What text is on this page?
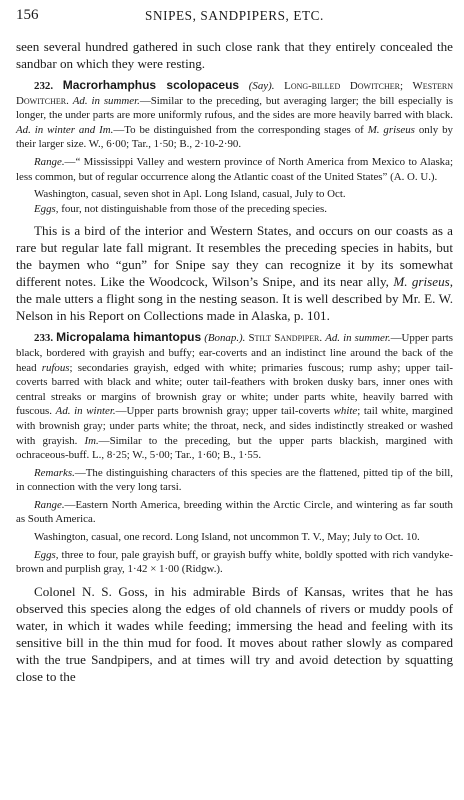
156	SNIPES, SANDPIPERS, ETC.

seen several hundred gathered in such close rank that they entirely concealed the sandbar on which they were resting.

232. Macrorhamphus scolopaceus (Say). Long-billed Dowitcher; Western Dowitcher. Ad. in summer.—Similar to the preceding, but averaging larger; the bill especially is longer, the under parts are more uniformly rufous, and the sides are more heavily barred with black. Ad. in winter and Im.—To be distinguished from the corresponding stages of M. griseus only by their larger size. W., 6·00; Tar., 1·50; B., 2·10-2·90.

Range.—“ Mississippi Valley and western province of North America from Mexico to Alaska; less common, but of regular occurrence along the Atlantic coast of the United States” (A. O. U.).

Washington, casual, seven shot in Apl. Long Island, casual, July to Oct.

Eggs, four, not distinguishable from those of the preceding species.

This is a bird of the interior and Western States, and occurs on our coasts as a rare but regular late fall migrant. It resembles the preceding species in habits, but the baymen who “gun” for Snipe say they can recognize it by its somewhat different notes. Like the Woodcock, Wilson’s Snipe, and its near ally, M. griseus, the male utters a flight song in the nesting season. It is well described by Mr. E. W. Nelson in his Report on Collections made in Alaska, p. 101.

233. Micropalama himantopus (Bonap.). Stilt Sandpiper. Ad. in summer.—Upper parts black, bordered with grayish and buffy; ear-coverts and an indistinct line around the back of the head rufous; secondaries grayish, edged with white; primaries fuscous; rump ashy; upper tail-coverts barred with black and white; outer tail-feathers with broken dusky bars, inner ones with central streaks or margins of brownish gray or white; under parts white, heavily barred with fuscous. Ad. in winter.—Upper parts brownish gray; upper tail-coverts white; tail white, margined with brownish gray; under parts white; the throat, neck, and sides indistinctly streaked or washed with grayish. Im.—Similar to the preceding, but the upper parts blackish, margined with ochraceous-buff. L., 8·25; W., 5·00; Tar., 1·60; B., 1·55.

Remarks.—The distinguishing characters of this species are the flattened, pitted tip of the bill, in connection with the very long tarsi.

Range.—Eastern North America, breeding within the Arctic Circle, and wintering as far south as South America.

Washington, casual, one record. Long Island, not uncommon T. V., May; July to Oct. 10.

Eggs, three to four, pale grayish buff, or grayish buffy white, boldly spotted with rich vandyke-brown and purplish gray, 1·42 × 1·00 (Ridgw.).

Colonel N. S. Goss, in his admirable Birds of Kansas, writes that he has observed this species along the edges of old channels of rivers or muddy pools of water, in which it wades while feeding; immersing the head and feeling with its sensitive bill in the thin mud for food. It moves about rather slowly as compared with the true Sandpipers, and at times will try and avoid detection by squatting close to the
